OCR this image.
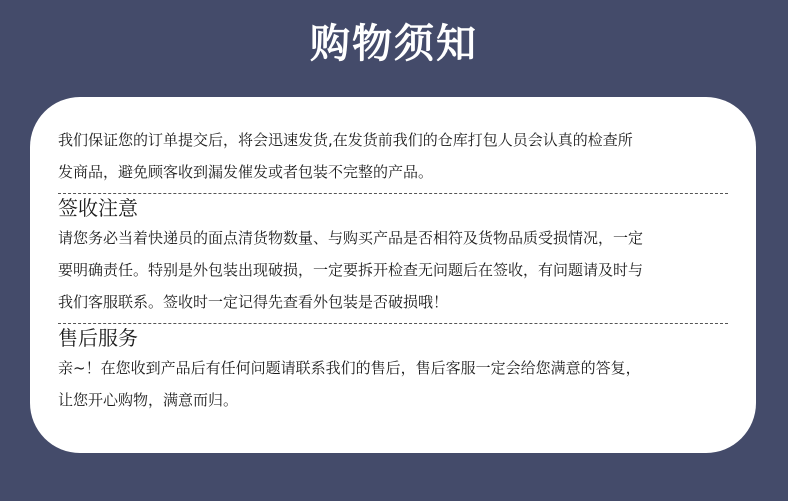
购物须知

我们保证您的订单提交后，将会迅速发货,在发货前我们的仓库打包人员会认真的检查所

发商品，避免顾客收到漏发催发或者包装不完整的产品。

签收注意

请您务必当着快递员的面点清货物数量、与购买产品是否相符及货物品质受损情况，一定

要明确责任。特别是外包装出现破损，一定要拆开检查无问题后在签收，有问题请及时与

我们客服联系。签收时一定记得先查看外包装是否破损哦！

售后服务

亲~！在您收到产品后有任何问题请联系我们的售后，售后客服一定会给您满意的答复，

让您开心购物，满意而归。
